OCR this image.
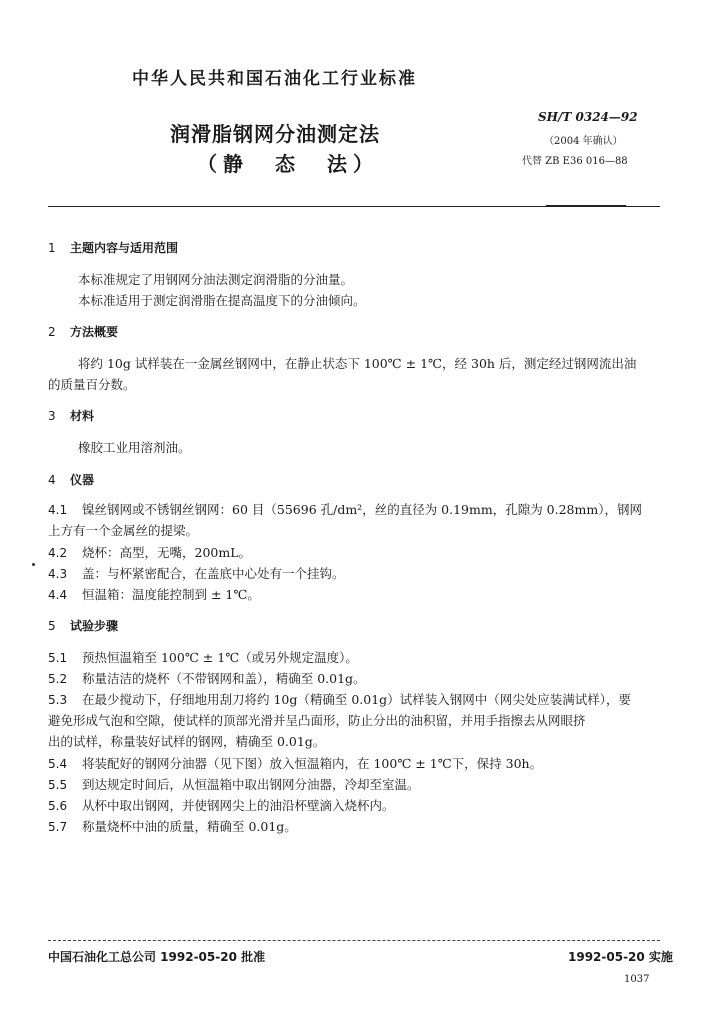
中华人民共和国石油化工行业标准
润滑脂钢网分油测定法
（静　态　法）
SH/T 0324—92
（2004 年确认）
代替 ZB E36 016—88
1 主题内容与适用范围
本标准规定了用钢网分油法测定润滑脂的分油量。
本标准适用于测定润滑脂在提高温度下的分油倾向。
2 方法概要
将约 10g 试样装在一金属丝钢网中，在静止状态下 100℃ ± 1℃，经 30h 后，测定经过钢网流出油
的质量百分数。
3 材料
橡胶工业用溶剂油。
4 仪器
4.1 镍丝钢网或不锈钢丝钢网：60 目（55696 孔/dm²，丝的直径为 0.19mm，孔隙为 0.28mm），钢网
上方有一个金属丝的提梁。
4.2 烧杯：高型，无嘴，200mL。
4.3 盖：与杯紧密配合，在盖底中心处有一个挂钩。
4.4 恒温箱：温度能控制到 ± 1℃。
5 试验步骤
5.1 预热恒温箱至 100℃ ± 1℃（或另外规定温度）。
5.2 称量洁洁的烧杯（不带钢网和盖），精确至 0.01g。
5.3 在最少搅动下，仔细地用刮刀将约 10g（精确至 0.01g）试样装入钢网中（网尖处应装满试样），要
避免形成气泡和空隙，使试样的顶部光滑并呈凸面形，防止分出的油积留，并用手指擦去从网眼挤
出的试样，称量装好试样的钢网，精确至 0.01g。
5.4 将装配好的钢网分油器（见下图）放入恒温箱内，在 100℃ ± 1℃下，保持 30h。
5.5 到达规定时间后，从恒温箱中取出钢网分油器，冷却至室温。
5.6 从杯中取出钢网，并使钢网尖上的油沿杯壁滴入烧杯内。
5.7 称量烧杯中油的质量，精确至 0.01g。
中国石油化工总公司 1992-05-20 批准	1992-05-20 实施
1037
